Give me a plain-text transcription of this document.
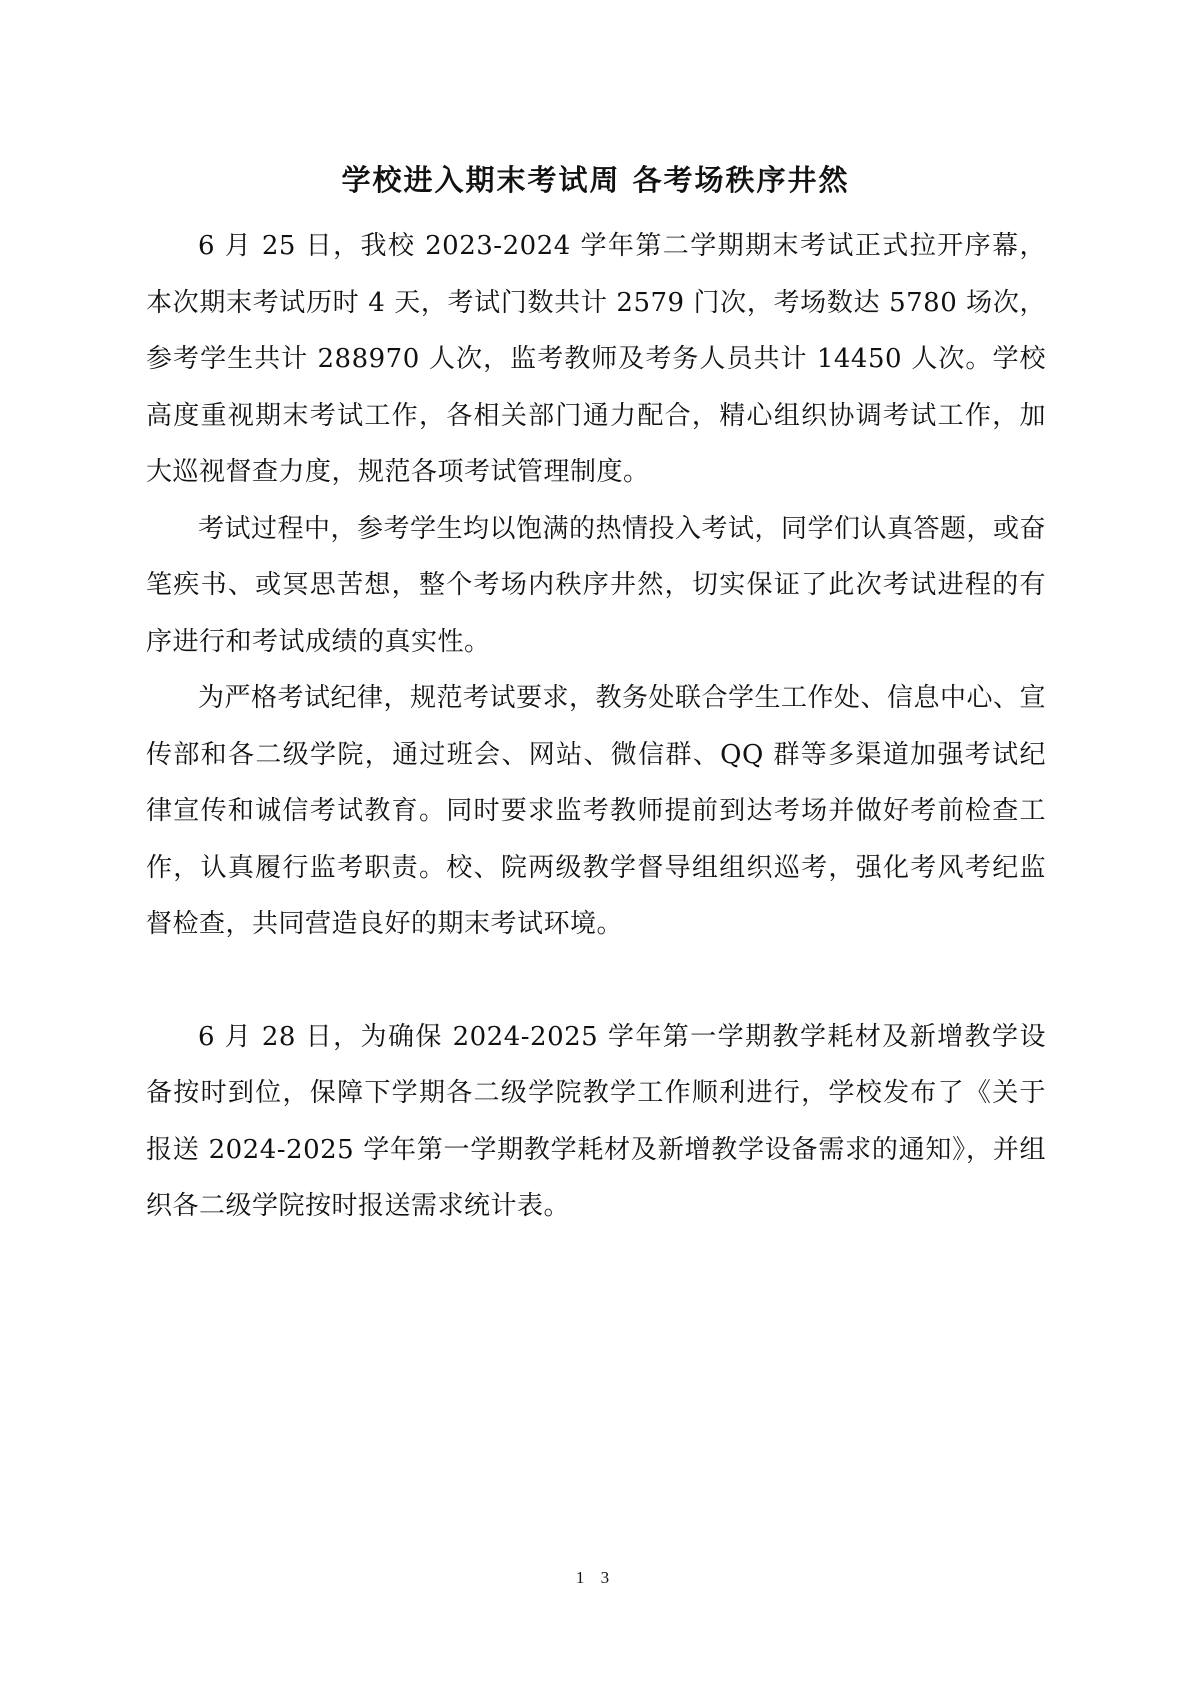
学校进入期末考试周 各考场秩序井然

6 月 25 日，我校 2023-2024 学年第二学期期末考试正式拉开序幕，本次期末考试历时 4 天，考试门数共计 2579 门次，考场数达 5780 场次，参考学生共计 288970 人次，监考教师及考务人员共计 14450 人次。学校高度重视期末考试工作，各相关部门通力配合，精心组织协调考试工作，加大巡视督查力度，规范各项考试管理制度。

考试过程中，参考学生均以饱满的热情投入考试，同学们认真答题，或奋笔疾书、或冥思苦想，整个考场内秩序井然，切实保证了此次考试进程的有序进行和考试成绩的真实性。

为严格考试纪律，规范考试要求，教务处联合学生工作处、信息中心、宣传部和各二级学院，通过班会、网站、微信群、QQ 群等多渠道加强考试纪律宣传和诚信考试教育。同时要求监考教师提前到达考场并做好考前检查工作，认真履行监考职责。校、院两级教学督导组组织巡考，强化考风考纪监督检查，共同营造良好的期末考试环境。

6 月 28 日，为确保 2024-2025 学年第一学期教学耗材及新增教学设备按时到位，保障下学期各二级学院教学工作顺利进行，学校发布了《关于报送 2024-2025 学年第一学期教学耗材及新增教学设备需求的通知》，并组织各二级学院按时报送需求统计表。

1 3
